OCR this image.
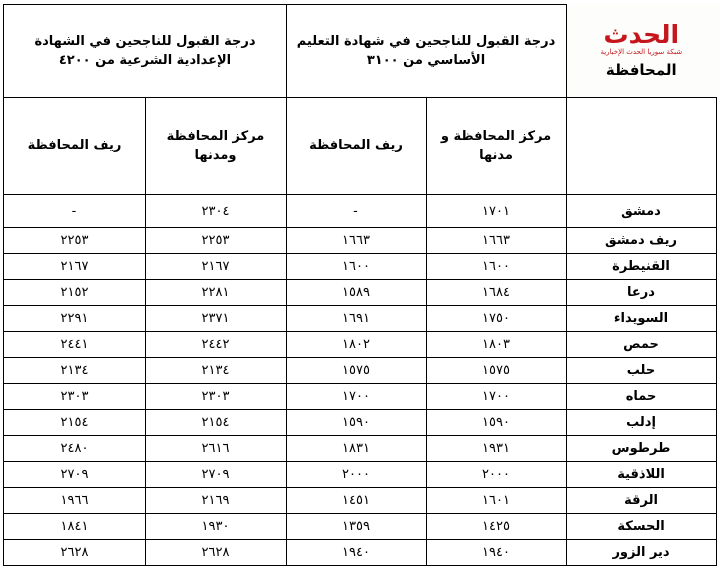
الحدث
شبكة سوريا الحدث الإخبارية
المحافظة	درجة القبول للناجحين في شهادة التعليم الأساسي من ٣١٠٠		درجة القبول للناجحين في الشهادة الإعدادية الشرعية من ٤٢٠٠	
	مركز المحافظة و مدنها	ريف المحافظة	مركز المحافظة ومدنها	ريف المحافظة
دمشق	١٧٠١	-	٢٣٠٤	-
ريف دمشق	١٦٦٣	١٦٦٣	٢٢٥٣	٢٢٥٣
القنيطرة	١٦٠٠	١٦٠٠	٢١٦٧	٢١٦٧
درعا	١٦٨٤	١٥٨٩	٢٢٨١	٢١٥٢
السويداء	١٧٥٠	١٦٩١	٢٣٧١	٢٢٩١
حمص	١٨٠٣	١٨٠٢	٢٤٤٢	٢٤٤١
حلب	١٥٧٥	١٥٧٥	٢١٣٤	٢١٣٤
حماه	١٧٠٠	١٧٠٠	٢٣٠٣	٢٣٠٣
إدلب	١٥٩٠	١٥٩٠	٢١٥٤	٢١٥٤
طرطوس	١٩٣١	١٨٣١	٢٦١٦	٢٤٨٠
اللاذقية	٢٠٠٠	٢٠٠٠	٢٧٠٩	٢٧٠٩
الرقة	١٦٠١	١٤٥١	٢١٦٩	١٩٦٦
الحسكة	١٤٢٥	١٣٥٩	١٩٣٠	١٨٤١
دير الزور	١٩٤٠	١٩٤٠	٢٦٢٨	٢٦٢٨
